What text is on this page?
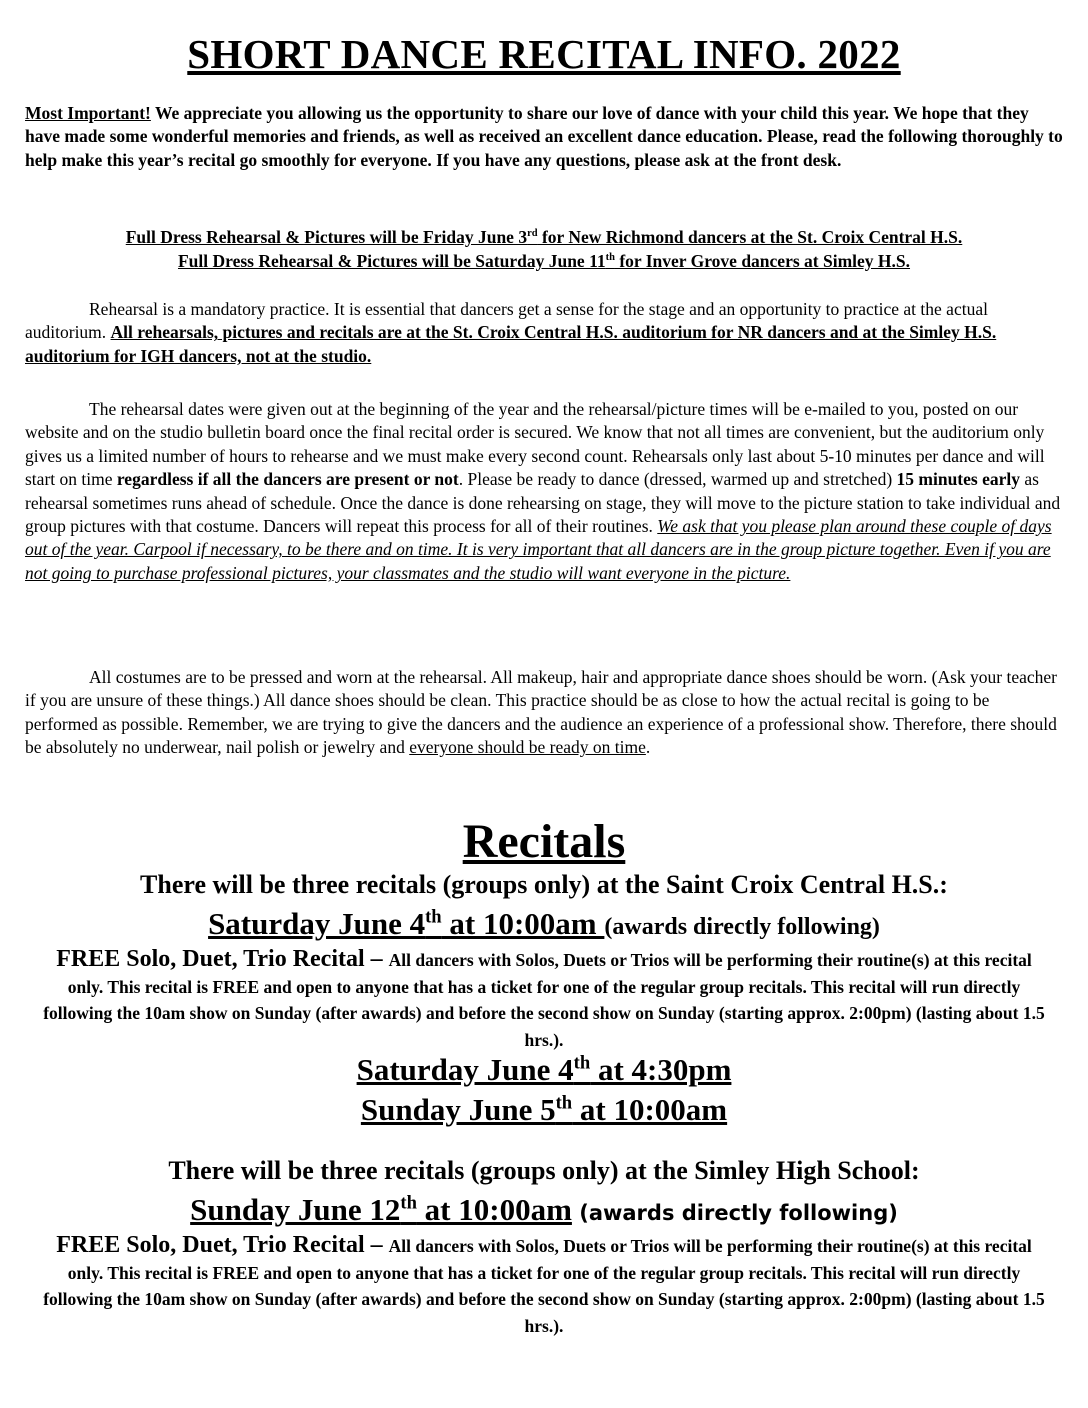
SHORT DANCE RECITAL INFO. 2022
Most Important! We appreciate you allowing us the opportunity to share our love of dance with your child this year. We hope that they have made some wonderful memories and friends, as well as received an excellent dance education. Please, read the following thoroughly to help make this year’s recital go smoothly for everyone. If you have any questions, please ask at the front desk.
Full Dress Rehearsal & Pictures will be Friday June 3rd for New Richmond dancers at the St. Croix Central H.S.
Full Dress Rehearsal & Pictures will be Saturday June 11th for Inver Grove dancers at Simley H.S.
Rehearsal is a mandatory practice. It is essential that dancers get a sense for the stage and an opportunity to practice at the actual auditorium. All rehearsals, pictures and recitals are at the St. Croix Central H.S. auditorium for NR dancers and at the Simley H.S. auditorium for IGH dancers, not at the studio.
The rehearsal dates were given out at the beginning of the year and the rehearsal/picture times will be e-mailed to you, posted on our website and on the studio bulletin board once the final recital order is secured. We know that not all times are convenient, but the auditorium only gives us a limited number of hours to rehearse and we must make every second count. Rehearsals only last about 5-10 minutes per dance and will start on time regardless if all the dancers are present or not. Please be ready to dance (dressed, warmed up and stretched) 15 minutes early as rehearsal sometimes runs ahead of schedule. Once the dance is done rehearsing on stage, they will move to the picture station to take individual and group pictures with that costume. Dancers will repeat this process for all of their routines. We ask that you please plan around these couple of days out of the year. Carpool if necessary, to be there and on time. It is very important that all dancers are in the group picture together. Even if you are not going to purchase professional pictures, your classmates and the studio will want everyone in the picture.
All costumes are to be pressed and worn at the rehearsal. All makeup, hair and appropriate dance shoes should be worn. (Ask your teacher if you are unsure of these things.) All dance shoes should be clean. This practice should be as close to how the actual recital is going to be performed as possible. Remember, we are trying to give the dancers and the audience an experience of a professional show. Therefore, there should be absolutely no underwear, nail polish or jewelry and everyone should be ready on time.
Recitals
There will be three recitals (groups only) at the Saint Croix Central H.S.:
Saturday June 4th at 10:00am (awards directly following)
FREE Solo, Duet, Trio Recital – All dancers with Solos, Duets or Trios will be performing their routine(s) at this recital only. This recital is FREE and open to anyone that has a ticket for one of the regular group recitals. This recital will run directly following the 10am show on Sunday (after awards) and before the second show on Sunday (starting approx. 2:00pm) (lasting about 1.5 hrs.).
Saturday June 4th at 4:30pm
Sunday June 5th at 10:00am
There will be three recitals (groups only) at the Simley High School:
Sunday June 12th at 10:00am (awards directly following)
FREE Solo, Duet, Trio Recital – All dancers with Solos, Duets or Trios will be performing their routine(s) at this recital only. This recital is FREE and open to anyone that has a ticket for one of the regular group recitals. This recital will run directly following the 10am show on Sunday (after awards) and before the second show on Sunday (starting approx. 2:00pm) (lasting about 1.5 hrs.).
